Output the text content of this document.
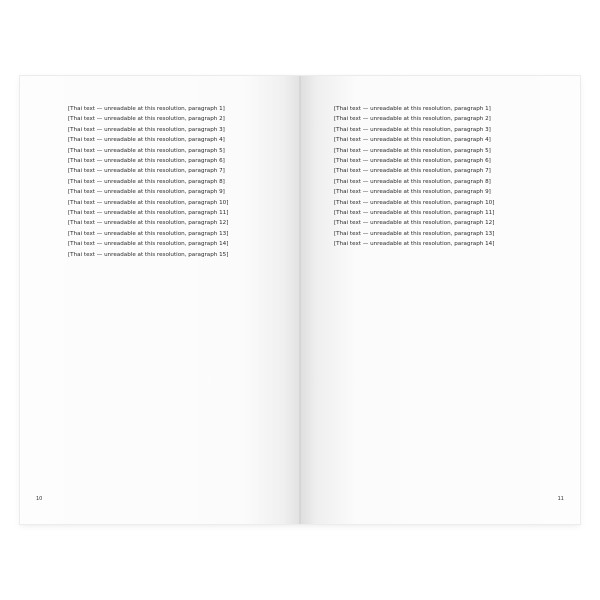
[Thai text — unreadable at this resolution, paragraph 1]

[Thai text — unreadable at this resolution, paragraph 2]

[Thai text — unreadable at this resolution, paragraph 3]

[Thai text — unreadable at this resolution, paragraph 4]

[Thai text — unreadable at this resolution, paragraph 5]

[Thai text — unreadable at this resolution, paragraph 6]

[Thai text — unreadable at this resolution, paragraph 7]

[Thai text — unreadable at this resolution, paragraph 8]

[Thai text — unreadable at this resolution, paragraph 9]

[Thai text — unreadable at this resolution, paragraph 10]

[Thai text — unreadable at this resolution, paragraph 11]

[Thai text — unreadable at this resolution, paragraph 12]

[Thai text — unreadable at this resolution, paragraph 13]

[Thai text — unreadable at this resolution, paragraph 14]

[Thai text — unreadable at this resolution, paragraph 15]

10

[Thai text — unreadable at this resolution, paragraph 1]

[Thai text — unreadable at this resolution, paragraph 2]

[Thai text — unreadable at this resolution, paragraph 3]

[Thai text — unreadable at this resolution, paragraph 4]

[Thai text — unreadable at this resolution, paragraph 5]

[Thai text — unreadable at this resolution, paragraph 6]

[Thai text — unreadable at this resolution, paragraph 7]

[Thai text — unreadable at this resolution, paragraph 8]

[Thai text — unreadable at this resolution, paragraph 9]

[Thai text — unreadable at this resolution, paragraph 10]

[Thai text — unreadable at this resolution, paragraph 11]

[Thai text — unreadable at this resolution, paragraph 12]

[Thai text — unreadable at this resolution, paragraph 13]

[Thai text — unreadable at this resolution, paragraph 14]

11
